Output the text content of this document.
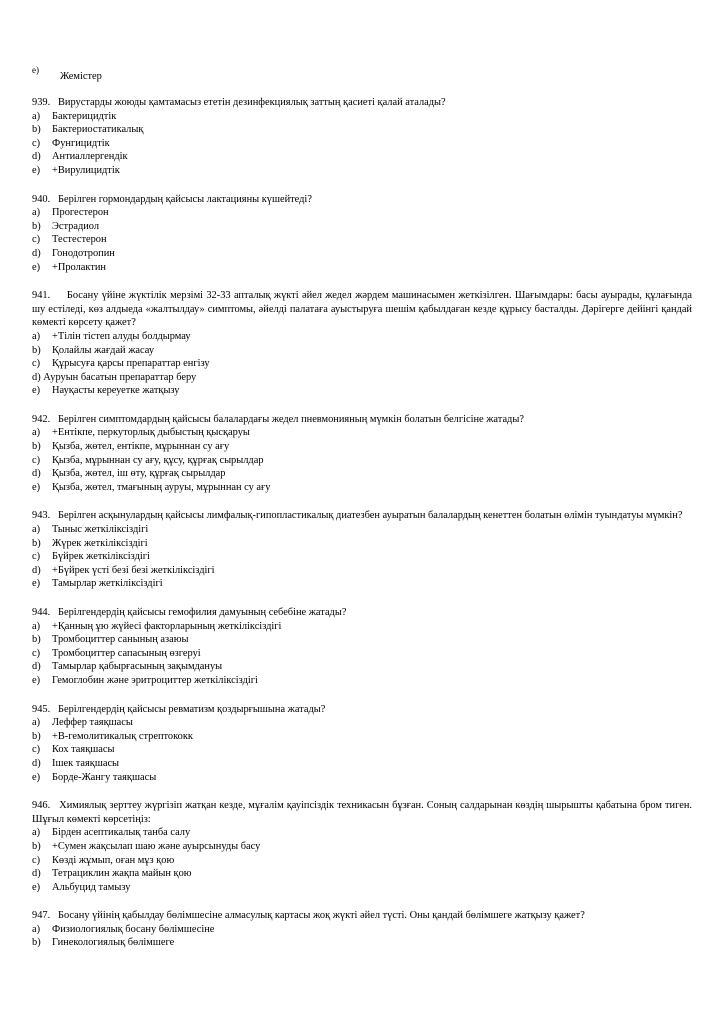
e)
Жемістер
939. Вирустарды жоюды қамтамасыз ететін дезинфекциялық заттың қасиеті қалай аталады?
a) Бактерицидтік
b) Бактериостатикалық
c) Фунгицидтік
d) Антиаллергендік
e) +Вирулицидтік
940. Берілген гормондардың қайсысы лактацияны күшейтеді?
a) Прогестерон
b) Эстрадиол
c) Тестестерон
d) Гонодотропин
e) +Пролактин
941. Босану үйіне жүктілік мерзімі 32-33 апталық жүкті әйел жедел жәрдем машинасымен жеткізілген. Шағымдары: басы ауырады, құлағында шу естіледі, көз алдыеда «жалтылдау» симптомы, әйелді палатаға ауыстыруға шешім қабылдаған кезде құрысу басталды. Дәрігерге дейінгі қандай көмекті көрсету қажет?
a) +Тілін тістеп алуды болдырмау
b) Қолайлы жағдай жасау
c) Құрысуға қарсы препараттар енгізу
d) Ауруын басатын препараттар беру
e) Науқасты кереуетке жатқызу
942. Берілген симптомдардың қайсысы балалардағы жедел пневмонияның мүмкін болатын белгісіне жатады?
a) +Ентікпе, перкуторлық дыбыстың қысқаруы
b) Қызба, жөтел, ентікпе, мұрыннан су ағу
c) Қызба, мұрыннан су ағу, құсу, құрғақ сырылдар
d) Қызба, жөтел, іш өту, құрғақ сырылдар
e) Қызба, жөтел, тмағының ауруы, мұрыннан су ағу
943. Берілген асқынулардың қайсысы лимфалық-гипопластикалық диатезбен ауыратын балалардың кенеттен болатын өлімін туындатуы мүмкін?
a) Тыныс жеткіліксіздігі
b) Жүрек жеткіліксіздігі
c) Бүйрек жеткіліксіздігі
d) +Бүйрек үсті безі безі жеткіліксіздігі
e) Тамырлар жеткіліксіздігі
944. Берілгендердің қайсысы гемофилия дамуының себебіне жатады?
a) +Қанның ұю жүйесі факторларының жеткіліксіздігі
b) Тромбоциттер санының азаюы
c) Тромбоциттер сапасының өзгеруі
d) Тамырлар қабырғасының зақымдануы
e) Гемоглобин және эритроциттер жеткіліксіздігі
945. Берілгендердің қайсысы ревматизм қоздырғышына жатады?
a) Леффер таяқшасы
b) +В-гемолитикалық стрептококк
c) Кох таяқшасы
d) Ішек таяқшасы
e) Борде-Жангу таяқшасы
946. Химиялық зерттеу жүргізіп жатқан кезде, мұғалім қауіпсіздік техникасын бұзған. Соның салдарынан көздің шырышты қабатына бром тиген. Шұғыл көмекті көрсетіңіз:
a) Бірден асептикалық танба салу
b) +Сумен жақсылап шаю және ауырсынуды басу
c) Көзді жұмып, оған мұз қою
d) Тетрациклин жақпа майын қою
e) Альбуцид тамызу
947. Босану үйінің қабылдау бөлімшесіне алмасулық картасы жоқ жүкті әйел түсті. Оны қандай бөлімшеге жатқызу қажет?
a) Физиологиялық босану бөлімшесіне
b) Гинекологиялық бөлімшеге
